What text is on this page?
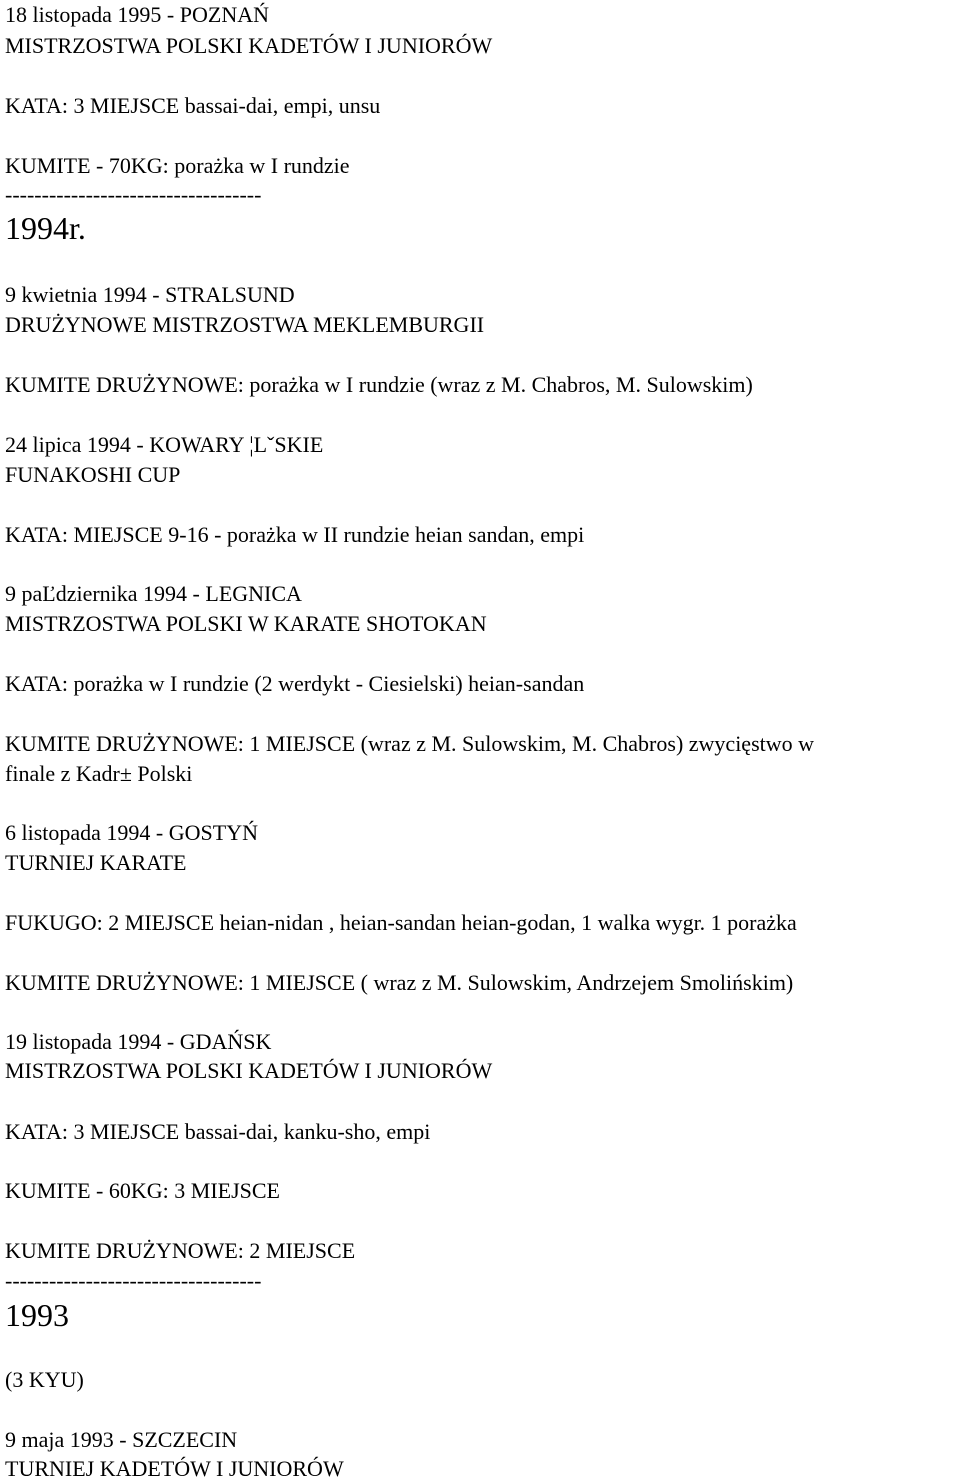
18 listopada 1995 - POZNAŃ
MISTRZOSTWA POLSKI KADETÓW I JUNIORÓW
KATA: 3 MIEJSCE bassai-dai, empi, unsu
KUMITE - 70KG: porażka w I rundzie
-----------------------------------
1994r.
9 kwietnia 1994 - STRALSUND
DRUŻYNOWE MISTRZOSTWA MEKLEMBURGII
KUMITE DRUŻYNOWE: porażka w I rundzie (wraz z M. Chabros, M. Sulowskim)
24 lipica 1994 - KOWARY ¦LˇSKIE
FUNAKOSHI CUP
KATA: MIEJSCE 9-16 - porażka w II rundzie heian sandan, empi
9 paĽdziernika 1994 - LEGNICA
MISTRZOSTWA POLSKI W KARATE SHOTOKAN
KATA: porażka w I rundzie (2 werdykt - Ciesielski) heian-sandan
KUMITE DRUŻYNOWE: 1 MIEJSCE (wraz z M. Sulowskim, M. Chabros) zwycięstwo w
finale z Kadr± Polski
6 listopada 1994 - GOSTYŃ
TURNIEJ KARATE
FUKUGO: 2 MIEJSCE heian-nidan , heian-sandan heian-godan, 1 walka wygr. 1 porażka
KUMITE DRUŻYNOWE: 1 MIEJSCE ( wraz z M. Sulowskim, Andrzejem Smolińskim)
19 listopada 1994 - GDAŃSK
MISTRZOSTWA POLSKI KADETÓW I JUNIORÓW
KATA: 3 MIEJSCE bassai-dai, kanku-sho, empi
KUMITE - 60KG: 3 MIEJSCE
KUMITE DRUŻYNOWE: 2 MIEJSCE
-----------------------------------
1993
(3 KYU)
9 maja 1993 - SZCZECIN
TURNIEJ KADETÓW I JUNIORÓW
